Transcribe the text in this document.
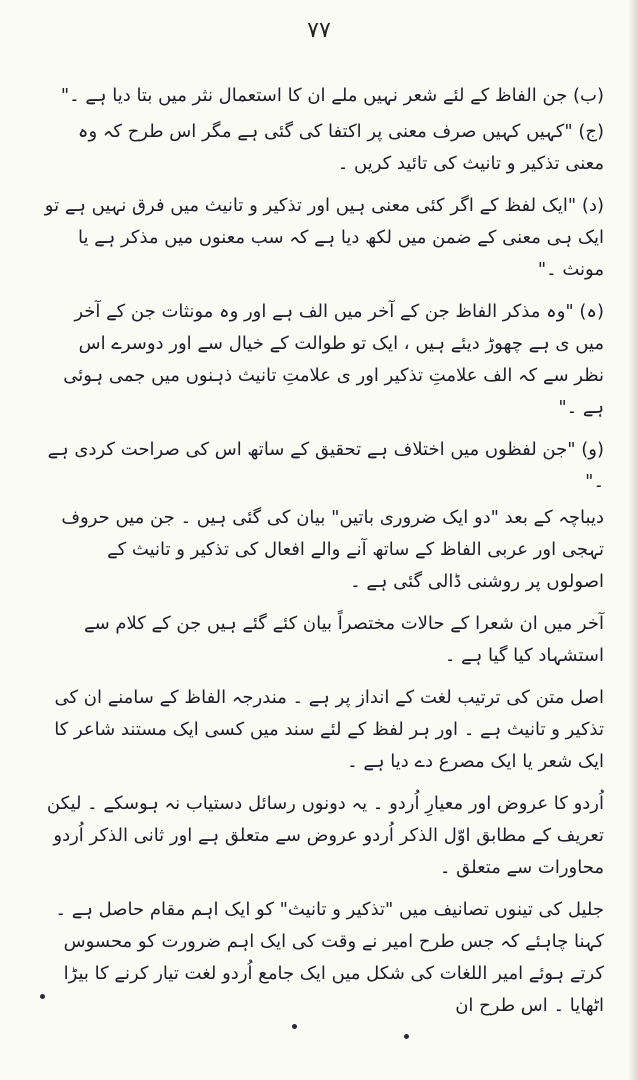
۷۷

(ب) جن الفاظ کے لئے شعر نہیں ملے ان کا استعمال نثر میں بتا دیا ہے ۔"

(ج) "کہیں کہیں صرف معنی پر اکتفا کی گئی ہے مگر اس طرح کہ وہ معنی تذکیر و تانیث کی تائید کریں ۔

(د) "ایک لفظ کے اگر کئی معنی ہیں اور تذکیر و تانیث میں فرق نہیں ہے تو ایک ہی معنی کے ضمن میں لکھ دیا ہے کہ سب معنوں میں مذکر ہے یا مونث ۔"

(ہ) "وہ مذکر الفاظ جن کے آخر میں الف ہے اور وہ مونثات جن کے آخر میں ی ہے چھوڑ دیئے ہیں ، ایک تو طوالت کے خیال سے اور دوسرے اس نظر سے کہ الف علامتِ تذکیر اور ی علامتِ تانیث ذہنوں میں جمی ہوئی ہے ۔"

(و) "جن لفظوں میں اختلاف ہے تحقیق کے ساتھ اس کی صراحت کردی ہے ۔"

دیباچہ کے بعد "دو ایک ضروری باتیں" بیان کی گئی ہیں ۔ جن میں حروف تہجی اور عربی الفاظ کے ساتھ آنے والے افعال کی تذکیر و تانیث کے اصولوں پر روشنی ڈالی گئی ہے ۔

آخر میں ان شعرا کے حالات مختصراً بیان کئے گئے ہیں جن کے کلام سے استشہاد کیا گیا ہے ۔

اصل متن کی ترتیب لغت کے انداز پر ہے ۔ مندرجہ الفاظ کے سامنے ان کی تذکیر و تانیث ہے ۔ اور ہر لفظ کے لئے سند میں کسی ایک مستند شاعر کا ایک شعر یا ایک مصرع دے دیا ہے ۔

اُردو کا عروض اور معیارِ اُردو ۔ یہ دونوں رسائل دستیاب نہ ہوسکے ۔ لیکن تعریف کے مطابق اوّل الذکر اُردو عروض سے متعلق ہے اور ثانی الذکر اُردو محاورات سے متعلق ۔

جلیل کی تینوں تصانیف میں "تذکیر و تانیث" کو ایک اہم مقام حاصل ہے ۔ کہنا چاہئے کہ جس طرح امیر نے وقت کی ایک اہم ضرورت کو محسوس کرتے ہوئے امیر اللغات کی شکل میں ایک جامع اُردو لغت تیار کرنے کا بیڑا اٹھایا ۔ اس طرح ان
